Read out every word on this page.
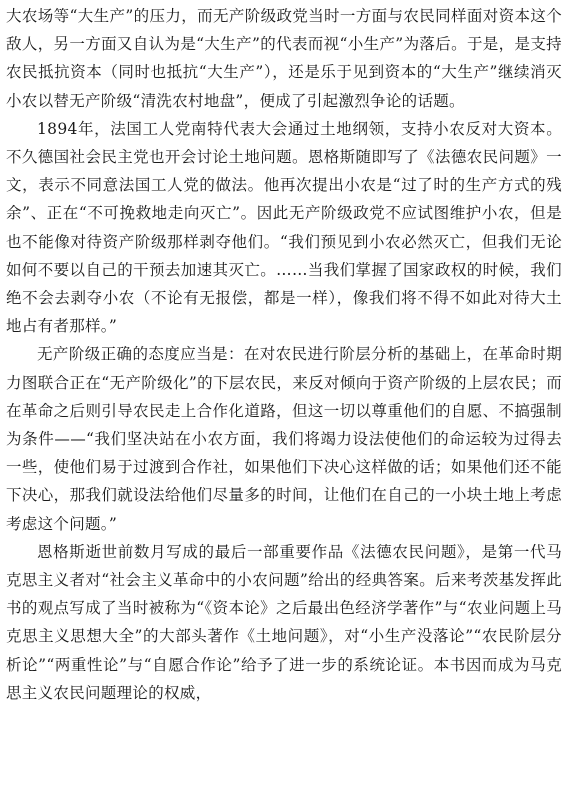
大农场等“大生产”的压力，而无产阶级政党当时一方面与农民同样面对资本这个敌人，另一方面又自认为是“大生产”的代表而视“小生产”为落后。于是，是支持农民抵抗资本（同时也抵抗“大生产”），还是乐于见到资本的“大生产”继续消灭小农以替无产阶级“清洗农村地盘”，便成了引起激烈争论的话题。

1894年，法国工人党南特代表大会通过土地纲领，支持小农反对大资本。不久德国社会民主党也开会讨论土地问题。恩格斯随即写了《法德农民问题》一文，表示不同意法国工人党的做法。他再次提出小农是“过了时的生产方式的残余”、正在“不可挽救地走向灭亡”。因此无产阶级政党不应试图维护小农，但是也不能像对待资产阶级那样剥夺他们。“我们预见到小农必然灭亡，但我们无论如何不要以自己的干预去加速其灭亡。……当我们掌握了国家政权的时候，我们绝不会去剥夺小农（不论有无报偿，都是一样），像我们将不得不如此对待大土地占有者那样。”

无产阶级正确的态度应当是：在对农民进行阶层分析的基础上，在革命时期力图联合正在“无产阶级化”的下层农民，来反对倾向于资产阶级的上层农民；而在革命之后则引导农民走上合作化道路，但这一切以尊重他们的自愿、不搞强制为条件——“我们坚决站在小农方面，我们将竭力设法使他们的命运较为过得去一些，使他们易于过渡到合作社，如果他们下决心这样做的话；如果他们还不能下决心，那我们就设法给他们尽量多的时间，让他们在自己的一小块土地上考虑考虑这个问题。”

恩格斯逝世前数月写成的最后一部重要作品《法德农民问题》，是第一代马克思主义者对“社会主义革命中的小农问题”给出的经典答案。后来考茨基发挥此书的观点写成了当时被称为“《资本论》之后最出色经济学著作”与“农业问题上马克思主义思想大全”的大部头著作《土地问题》，对“小生产没落论”“农民阶层分析论”“两重性论”与“自愿合作论”给予了进一步的系统论证。本书因而成为马克思主义农民问题理论的权威，
